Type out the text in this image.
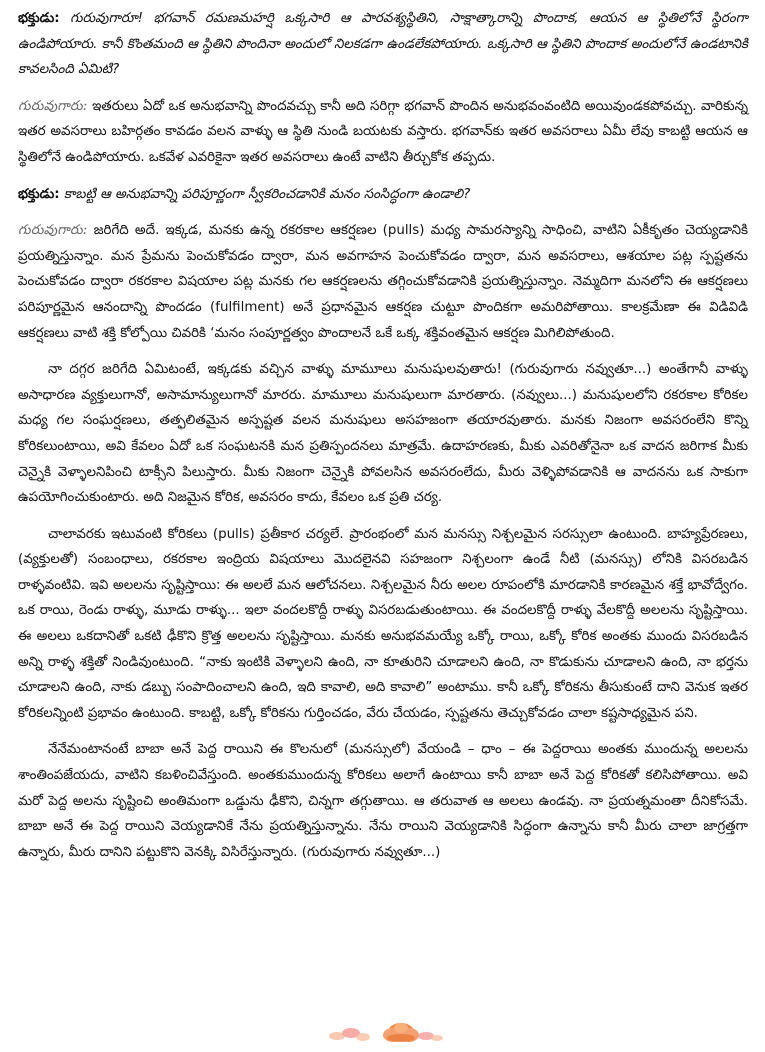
భక్తుడు: గురువుగారూ! భగవాన్ రమణమహర్షి ఒక్కసారి ఆ పారవశ్యస్థితిని, సాక్షాత్కారాన్ని పొందాక, ఆయన ఆ స్థితిలోనే స్థిరంగా ఉండిపోయారు. కానీ కొంతమంది ఆ స్థితిని పొందినా అందులో నిలకడగా ఉండలేకపోయారు. ఒక్కసారి ఆ స్థితిని పొందాక అందులోనే ఉండటానికి కావలసింది ఏమిటి?
గురువుగారు: ఇతరులు ఏదో ఒక అనుభవాన్ని పొందవచ్చు కానీ అది సరిగ్గా భగవాన్ పొందిన అనుభవంవంటిది అయివుండకపోవచ్చు. వారికున్న ఇతర అవసరాలు బహిర్గతం కావడం వలన వాళ్ళు ఆ స్థితి నుండి బయటకు వస్తారు. భగవాన్‌కు ఇతర అవసరాలు ఏమీ లేవు కాబట్టి ఆయన ఆ స్థితిలోనే ఉండిపోయారు. ఒకవేళ ఎవరికైనా ఇతర అవసరాలు ఉంటే వాటిని తీర్చుకోక తప్పదు.
భక్తుడు: కాబట్టి ఆ అనుభవాన్ని పరిపూర్ణంగా స్వీకరించడానికి మనం సంసిద్ధంగా ఉండాలి?
గురువుగారు: జరిగేది అదే. ఇక్కడ, మనకు ఉన్న రకరకాల ఆకర్షణల (pulls) మధ్య సామరస్యాన్ని సాధించి, వాటిని ఏకీకృతం చెయ్యడానికి ప్రయత్నిస్తున్నాం. మన ప్రేమను పెంచుకోవడం ద్వారా, మన అవగాహన పెంచుకోవడం ద్వారా, మన అవసరాలు, ఆశయాల పట్ల స్పష్టతను పెంచుకోవడం ద్వారా రకరకాల విషయాల పట్ల మనకు గల ఆకర్షణలను తగ్గించుకోవడానికి ప్రయత్నిస్తున్నాం. నెమ్మదిగా మనలోని ఈ ఆకర్షణలు పరిపూర్ణమైన ఆనందాన్ని పొందడం (fulfilment) అనే ప్రధానమైన ఆకర్షణ చుట్టూ పొందికగా అమరిపోతాయి. కాలక్రమేణా ఈ విడివిడి ఆకర్షణలు వాటి శక్తి కోల్పోయి చివరికి ‘మనం సంపూర్ణత్వం పొందాలనే ఒకే ఒక్క శక్తివంతమైన ఆకర్షణ మిగిలిపోతుంది.

నా దగ్గర జరిగేది ఏమిటంటే, ఇక్కడకు వచ్చిన వాళ్ళు మామూలు మనుషులవుతారు! (గురువుగారు నవ్వుతూ...) అంతేగానీ వాళ్ళు అసాధారణ వ్యక్తులుగానో, అసామాన్యులుగానో మారరు. మామూలు మనుషులుగా మారతారు. (నవ్వులు...) మనుషులలోని రకరకాల కోరికల మధ్య గల సంఘర్షణలు, తత్ఫలితమైన అస్పష్టత వలన మనుషులు అసహజంగా తయారవుతారు. మనకు నిజంగా అవసరంలేని కొన్ని కోరికలుంటాయి, అవి కేవలం ఏదో ఒక సంఘటనకి మన ప్రతిస్పందనలు మాత్రమే. ఉదాహరణకు, మీకు ఎవరితోనైనా ఒక వాదన జరిగాక మీకు చెన్నైకి వెళ్ళాలనిపించి టాక్సీని పిలుస్తారు. మీకు నిజంగా చెన్నైకి పోవలసిన అవసరంలేదు, మీరు వెళ్ళిపోవడానికి ఆ వాదనను ఒక సాకుగా ఉపయోగించుకుంటారు. అది నిజమైన కోరిక, అవసరం కాదు, కేవలం ఒక ప్రతి చర్య.

చాలావరకు ఇటువంటి కోరికలు (pulls) ప్రతీకార చర్యలే. ప్రారంభంలో మన మనస్సు నిశ్చలమైన సరస్సులా ఉంటుంది. బాహ్యప్రేరణలు, (వ్యక్తులతో) సంబంధాలు, రకరకాల ఇంద్రియ విషయాలు మొదలైనవి సహజంగా నిశ్చలంగా ఉండే నీటి (మనస్సు) లోనికి విసరబడిన రాళ్ళవంటివి. ఇవి అలలను సృష్టిస్తాయి: ఈ అలలే మన ఆలోచనలు. నిశ్చలమైన నీరు అలల రూపంలోకి మారడానికి కారణమైన శక్తే భావోద్వేగం. ఒక రాయి, రెండు రాళ్ళు, మూడు రాళ్ళు... ఇలా వందలకొద్దీ రాళ్ళు విసరబడుతుంటాయి. ఈ వందలకొద్దీ రాళ్ళు వేలకొద్దీ అలలను సృష్టిస్తాయి. ఈ అలలు ఒకదానితో ఒకటి ఢీకొని క్రొత్త అలలను సృష్టిస్తాయి. మనకు అనుభవమయ్యే ఒక్కో రాయి, ఒక్కో కోరిక అంతకు ముందు విసరబడిన అన్ని రాళ్ళ శక్తితో నిండివుంటుంది. “నాకు ఇంటికి వెళ్ళాలని ఉంది, నా కూతురిని చూడాలని ఉంది, నా కొడుకును చూడాలని ఉంది, నా భర్తను చూడాలని ఉంది, నాకు డబ్బు సంపాదించాలని ఉంది, ఇది కావాలి, అది కావాలి” అంటాము. కానీ ఒక్కో కోరికను తీసుకుంటే దాని వెనుక ఇతర కోరికలన్నింటి ప్రభావం ఉంటుంది. కాబట్టి, ఒక్కో కోరికను గుర్తించడం, వేరు చేయడం, స్పష్టతను తెచ్చుకోవడం చాలా కష్టసాధ్యమైన పని.

నేనేమంటానంటే బాబా అనే పెద్ద రాయిని ఈ కొలనులో (మనస్సులో) వేయండి – ధాం – ఈ పెద్దరాయి అంతకు ముందున్న అలలను శాంతింపజేయదు, వాటిని కబళించివేస్తుంది. అంతకుముందున్న కోరికలు అలాగే ఉంటాయి కానీ బాబా అనే పెద్ద కోరికతో కలిసిపోతాయి. అవి మరో పెద్ద అలను సృష్టించి అంతిమంగా ఒడ్డును ఢీకొని, చిన్నగా తగ్గుతాయి. ఆ తరువాత ఆ అలలు ఉండవు. నా ప్రయత్నమంతా దీనికోసమే. బాబా అనే ఈ పెద్ద రాయిని వెయ్యడానికే నేను ప్రయత్నిస్తున్నాను. నేను రాయిని వెయ్యడానికి సిద్ధంగా ఉన్నాను కానీ మీరు చాలా జాగ్రత్తగా ఉన్నారు, మీరు దానిని పట్టుకొని వెనక్కి విసిరేస్తున్నారు. (గురువుగారు నవ్వుతూ...)
